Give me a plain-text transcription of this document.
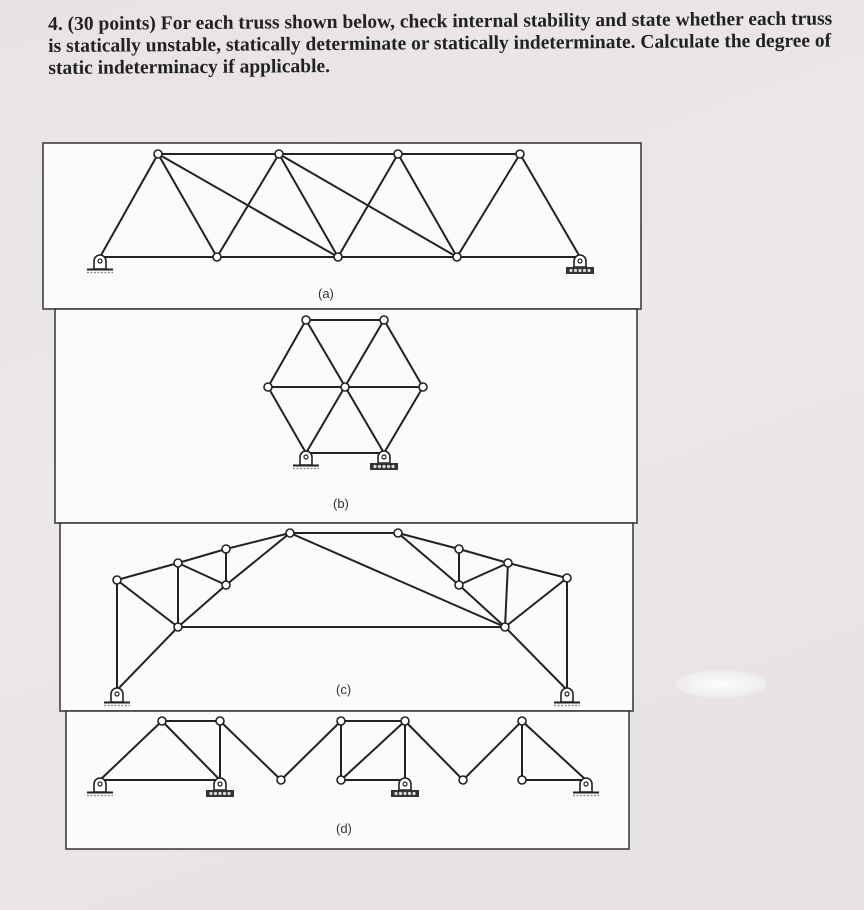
4. (30 points) For each truss shown below, check internal stability and state whether each truss is statically unstable, statically determinate or statically indeterminate. Calculate the degree of static indeterminacy if applicable.
(a)
(b)
(c)
(d)
